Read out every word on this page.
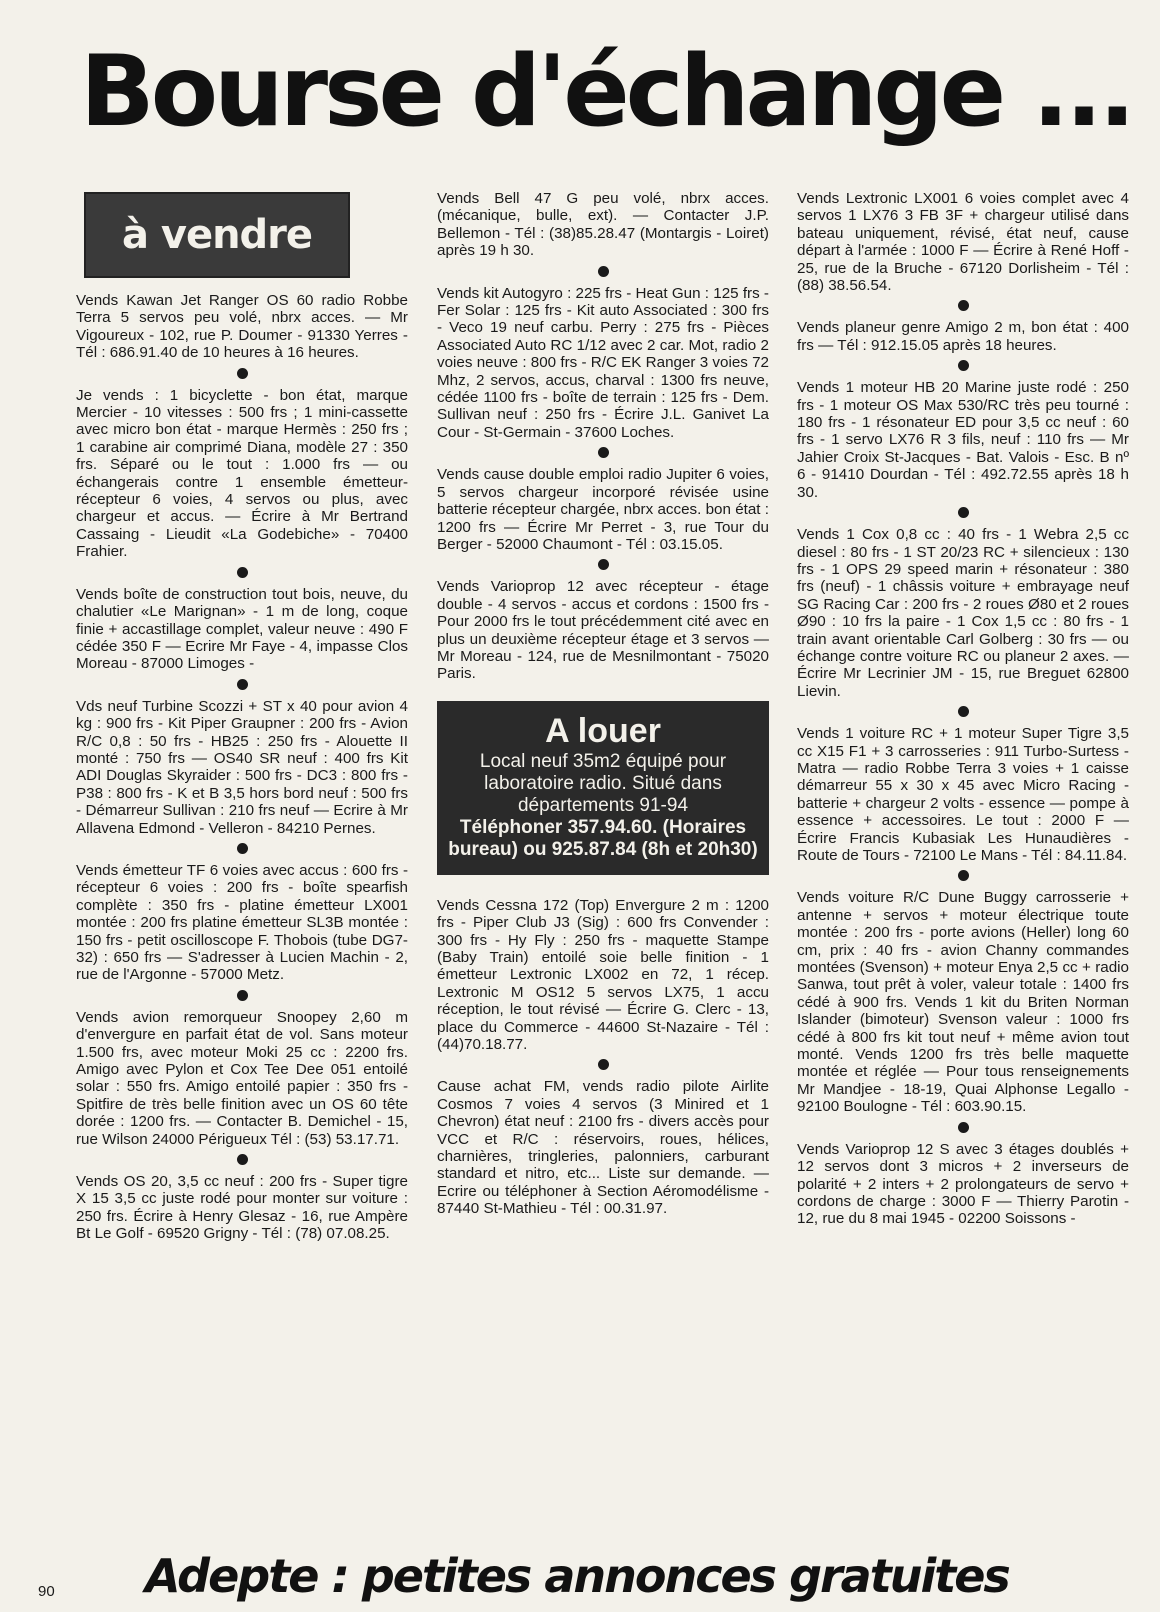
Bourse d'échange ...
à vendre

Vends Kawan Jet Ranger OS 60 radio Robbe Terra 5 servos peu volé, nbrx acces. — Mr Vigoureux - 102, rue P. Doumer - 91330 Yerres - Tél : 686.91.40 de 10 heures à 16 heures.

Je vends : 1 bicyclette - bon état, marque Mercier - 10 vitesses : 500 frs ; 1 mini-cassette avec micro bon état - marque Hermès : 250 frs ; 1 carabine air comprimé Diana, modèle 27 : 350 frs. Séparé ou le tout : 1.000 frs — ou échangerais contre 1 ensemble émetteur-récepteur 6 voies, 4 servos ou plus, avec chargeur et accus. — Écrire à Mr Bertrand Cassaing - Lieudit «La Godebiche» - 70400 Frahier.

Vends boîte de construction tout bois, neuve, du chalutier «Le Marignan» - 1 m de long, coque finie + accastillage complet, valeur neuve : 490 F cédée 350 F — Ecrire Mr Faye - 4, impasse Clos Moreau - 87000 Limoges -

Vds neuf Turbine Scozzi + ST x 40 pour avion 4 kg : 900 frs - Kit Piper Graupner : 200 frs - Avion R/C 0,8 : 50 frs - HB25 : 250 frs - Alouette II monté : 750 frs — OS40 SR neuf : 400 frs Kit ADI Douglas Skyraider : 500 frs - DC3 : 800 frs - P38 : 800 frs - K et B 3,5 hors bord neuf : 500 frs - Démarreur Sullivan : 210 frs neuf — Ecrire à Mr Allavena Edmond - Velleron - 84210 Pernes.

Vends émetteur TF 6 voies avec accus : 600 frs - récepteur 6 voies : 200 frs - boîte spearfish complète : 350 frs - platine émetteur LX001 montée : 200 frs platine émetteur SL3B montée : 150 frs - petit oscilloscope F. Thobois (tube DG7-32) : 650 frs — S'adresser à Lucien Machin - 2, rue de l'Argonne - 57000 Metz.

Vends avion remorqueur Snoopey 2,60 m d'envergure en parfait état de vol. Sans moteur 1.500 frs, avec moteur Moki 25 cc : 2200 frs. Amigo avec Pylon et Cox Tee Dee 051 entoilé solar : 550 frs. Amigo entoilé papier : 350 frs - Spitfire de très belle finition avec un OS 60 tête dorée : 1200 frs. — Contacter B. Demichel - 15, rue Wilson 24000 Périgueux Tél : (53) 53.17.71.

Vends OS 20, 3,5 cc neuf : 200 frs - Super tigre X 15 3,5 cc juste rodé pour monter sur voiture : 250 frs. Écrire à Henry Glesaz - 16, rue Ampère Bt Le Golf - 69520 Grigny - Tél : (78) 07.08.25.

Vends Bell 47 G peu volé, nbrx acces. (mécanique, bulle, ext). — Contacter J.P. Bellemon - Tél : (38)85.28.47 (Montargis - Loiret) après 19 h 30.

Vends kit Autogyro : 225 frs - Heat Gun : 125 frs - Fer Solar : 125 frs - Kit auto Associated : 300 frs - Veco 19 neuf carbu. Perry : 275 frs - Pièces Associated Auto RC 1/12 avec 2 car. Mot, radio 2 voies neuve : 800 frs - R/C EK Ranger 3 voies 72 Mhz, 2 servos, accus, charval : 1300 frs neuve, cédée 1100 frs - boîte de terrain : 125 frs - Dem. Sullivan neuf : 250 frs - Écrire J.L. Ganivet La Cour - St-Germain - 37600 Loches.

Vends cause double emploi radio Jupiter 6 voies, 5 servos chargeur incorporé révisée usine batterie récepteur chargée, nbrx acces. bon état : 1200 frs — Écrire Mr Perret - 3, rue Tour du Berger - 52000 Chaumont - Tél : 03.15.05.

Vends Varioprop 12 avec récepteur - étage double - 4 servos - accus et cordons : 1500 frs - Pour 2000 frs le tout précédemment cité avec en plus un deuxième récepteur étage et 3 servos — Mr Moreau - 124, rue de Mesnilmontant - 75020 Paris.

A louer
Local neuf 35m2 équipé pour laboratoire radio. Situé dans départements 91-94
Téléphoner 357.94.60. (Horaires bureau) ou 925.87.84 (8h et 20h30)

Vends Cessna 172 (Top) Envergure 2 m : 1200 frs - Piper Club J3 (Sig) : 600 frs Convender : 300 frs - Hy Fly : 250 frs - maquette Stampe (Baby Train) entoilé soie belle finition - 1 émetteur Lextronic LX002 en 72, 1 récep. Lextronic M OS12 5 servos LX75, 1 accu réception, le tout révisé — Écrire G. Clerc - 13, place du Commerce - 44600 St-Nazaire - Tél : (44)70.18.77.

Cause achat FM, vends radio pilote Airlite Cosmos 7 voies 4 servos (3 Minired et 1 Chevron) état neuf : 2100 frs - divers accès pour VCC et R/C : réservoirs, roues, hélices, charnières, tringleries, palonniers, carburant standard et nitro, etc... Liste sur demande. — Ecrire ou téléphoner à Section Aéromodélisme - 87440 St-Mathieu - Tél : 00.31.97.

Vends Lextronic LX001 6 voies complet avec 4 servos 1 LX76 3 FB 3F + chargeur utilisé dans bateau uniquement, révisé, état neuf, cause départ à l'armée : 1000 F — Écrire à René Hoff - 25, rue de la Bruche - 67120 Dorlisheim - Tél : (88) 38.56.54.

Vends planeur genre Amigo 2 m, bon état : 400 frs — Tél : 912.15.05 après 18 heures.

Vends 1 moteur HB 20 Marine juste rodé : 250 frs - 1 moteur OS Max 530/RC très peu tourné : 180 frs - 1 résonateur ED pour 3,5 cc neuf : 60 frs - 1 servo LX76 R 3 fils, neuf : 110 frs — Mr Jahier Croix St-Jacques - Bat. Valois - Esc. B nº 6 - 91410 Dourdan - Tél : 492.72.55 après 18 h 30.

Vends 1 Cox 0,8 cc : 40 frs - 1 Webra 2,5 cc diesel : 80 frs - 1 ST 20/23 RC + silencieux : 130 frs - 1 OPS 29 speed marin + résonateur : 380 frs (neuf) - 1 châssis voiture + embrayage neuf SG Racing Car : 200 frs - 2 roues Ø80 et 2 roues Ø90 : 10 frs la paire - 1 Cox 1,5 cc : 80 frs - 1 train avant orientable Carl Golberg : 30 frs — ou échange contre voiture RC ou planeur 2 axes. — Écrire Mr Lecrinier JM - 15, rue Breguet 62800 Lievin.

Vends 1 voiture RC + 1 moteur Super Tigre 3,5 cc X15 F1 + 3 carrosseries : 911 Turbo-Surtess - Matra — radio Robbe Terra 3 voies + 1 caisse démarreur 55 x 30 x 45 avec Micro Racing - batterie + chargeur 2 volts - essence — pompe à essence + accessoires. Le tout : 2000 F — Écrire Francis Kubasiak Les Hunaudières - Route de Tours - 72100 Le Mans - Tél : 84.11.84.

Vends voiture R/C Dune Buggy carrosserie + antenne + servos + moteur électrique toute montée : 200 frs - porte avions (Heller) long 60 cm, prix : 40 frs - avion Channy commandes montées (Svenson) + moteur Enya 2,5 cc + radio Sanwa, tout prêt à voler, valeur totale : 1400 frs cédé à 900 frs. Vends 1 kit du Briten Norman Islander (bimoteur) Svenson valeur : 1000 frs cédé à 800 frs kit tout neuf + même avion tout monté. Vends 1200 frs très belle maquette montée et réglée — Pour tous renseignements Mr Mandjee - 18-19, Quai Alphonse Legallo - 92100 Boulogne - Tél : 603.90.15.

Vends Varioprop 12 S avec 3 étages doublés + 12 servos dont 3 micros + 2 inverseurs de polarité + 2 inters + 2 prolongateurs de servo + cordons de charge : 3000 F — Thierry Parotin - 12, rue du 8 mai 1945 - 02200 Soissons -

90 Adepte : petites annonces gratuites
